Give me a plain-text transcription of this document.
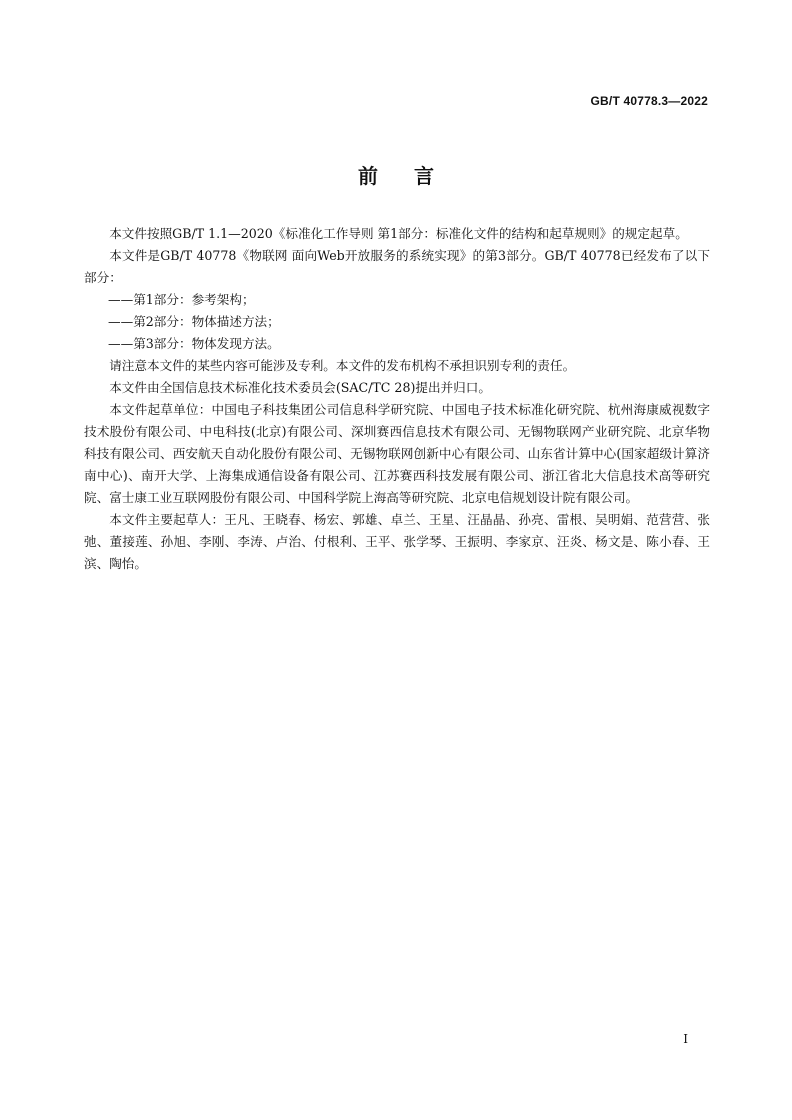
GB/T 40778.3—2022
前言

本文件按照GB/T 1.1—2020《标准化工作导则 第1部分：标准化文件的结构和起草规则》的规定起草。

本文件是GB/T 40778《物联网 面向Web开放服务的系统实现》的第3部分。GB/T 40778已经发布了以下部分：

——第1部分：参考架构；

——第2部分：物体描述方法；

——第3部分：物体发现方法。

请注意本文件的某些内容可能涉及专利。本文件的发布机构不承担识别专利的责任。

本文件由全国信息技术标准化技术委员会(SAC/TC 28)提出并归口。

本文件起草单位：中国电子科技集团公司信息科学研究院、中国电子技术标准化研究院、杭州海康威视数字技术股份有限公司、中电科技(北京)有限公司、深圳赛西信息技术有限公司、无锡物联网产业研究院、北京华物科技有限公司、西安航天自动化股份有限公司、无锡物联网创新中心有限公司、山东省计算中心(国家超级计算济南中心)、南开大学、上海集成通信设备有限公司、江苏赛西科技发展有限公司、浙江省北大信息技术高等研究院、富士康工业互联网股份有限公司、中国科学院上海高等研究院、北京电信规划设计院有限公司。

本文件主要起草人：王凡、王晓春、杨宏、郭雄、卓兰、王星、汪晶晶、孙亮、雷根、吴明娟、范营营、张弛、董接莲、孙旭、李刚、李涛、卢治、付根利、王平、张学琴、王振明、李家京、汪炎、杨文是、陈小春、王滨、陶怡。

I
